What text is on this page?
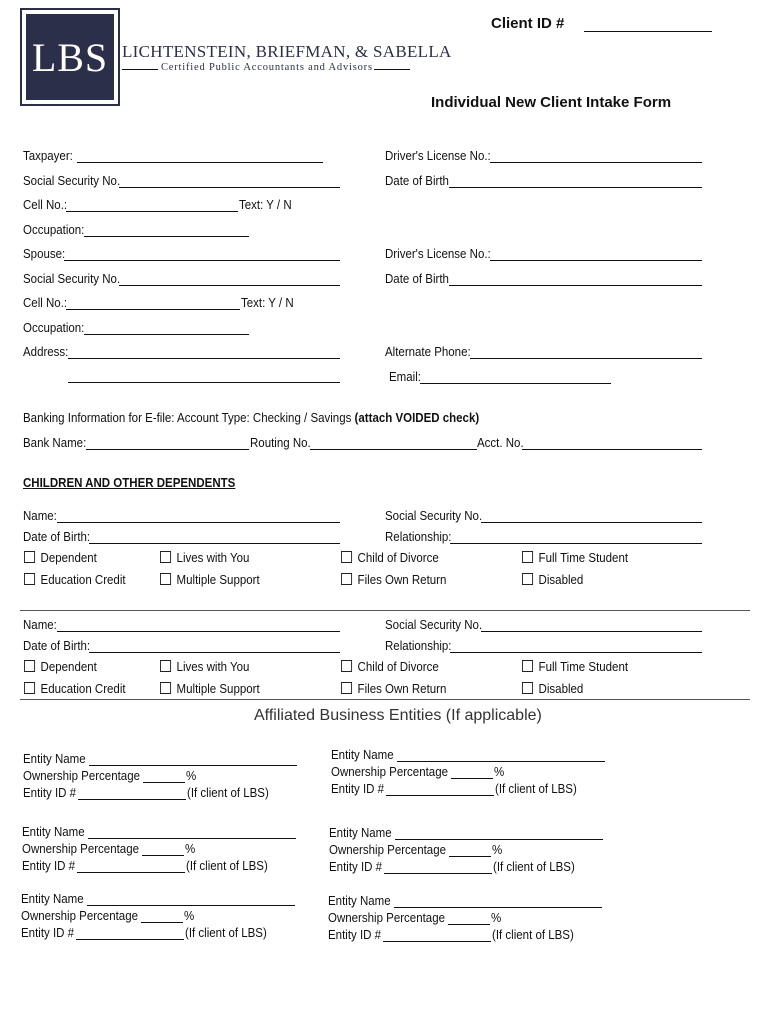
LBS LICHTENSTEIN, BRIEFMAN, & SABELLA
Certified Public Accountants and Advisors
Client ID #
Individual New Client Intake Form
Taxpayer:	Driver's License No.:
Social Security No.	Date of Birth
Cell No.:	Text: Y / N
Occupation:
Spouse:	Driver's License No.:
Social Security No.	Date of Birth
Cell No.:	Text: Y / N
Occupation:
Address:	Alternate Phone:
Email:
Banking Information for E-file: Account Type: Checking / Savings (attach VOIDED check)
Bank Name:	Routing No.	Acct. No.
CHILDREN AND OTHER DEPENDENTS
Name:	Social Security No.
Date of Birth:	Relationship:
Dependent	Lives with You	Child of Divorce	Full Time Student
Education Credit	Multiple Support	Files Own Return	Disabled
Name:	Social Security No.
Date of Birth:	Relationship:
Dependent	Lives with You	Child of Divorce	Full Time Student
Education Credit	Multiple Support	Files Own Return	Disabled
Affiliated Business Entities (If applicable)
Entity Name
Ownership Percentage	%
Entity ID #	(If client of LBS)
Entity Name
Ownership Percentage	%
Entity ID #	(If client of LBS)
Entity Name
Ownership Percentage	%
Entity ID #	(If client of LBS)
Entity Name
Ownership Percentage	%
Entity ID #	(If client of LBS)
Entity Name
Ownership Percentage	%
Entity ID #	(If client of LBS)
Entity Name
Ownership Percentage	%
Entity ID #	(If client of LBS)
